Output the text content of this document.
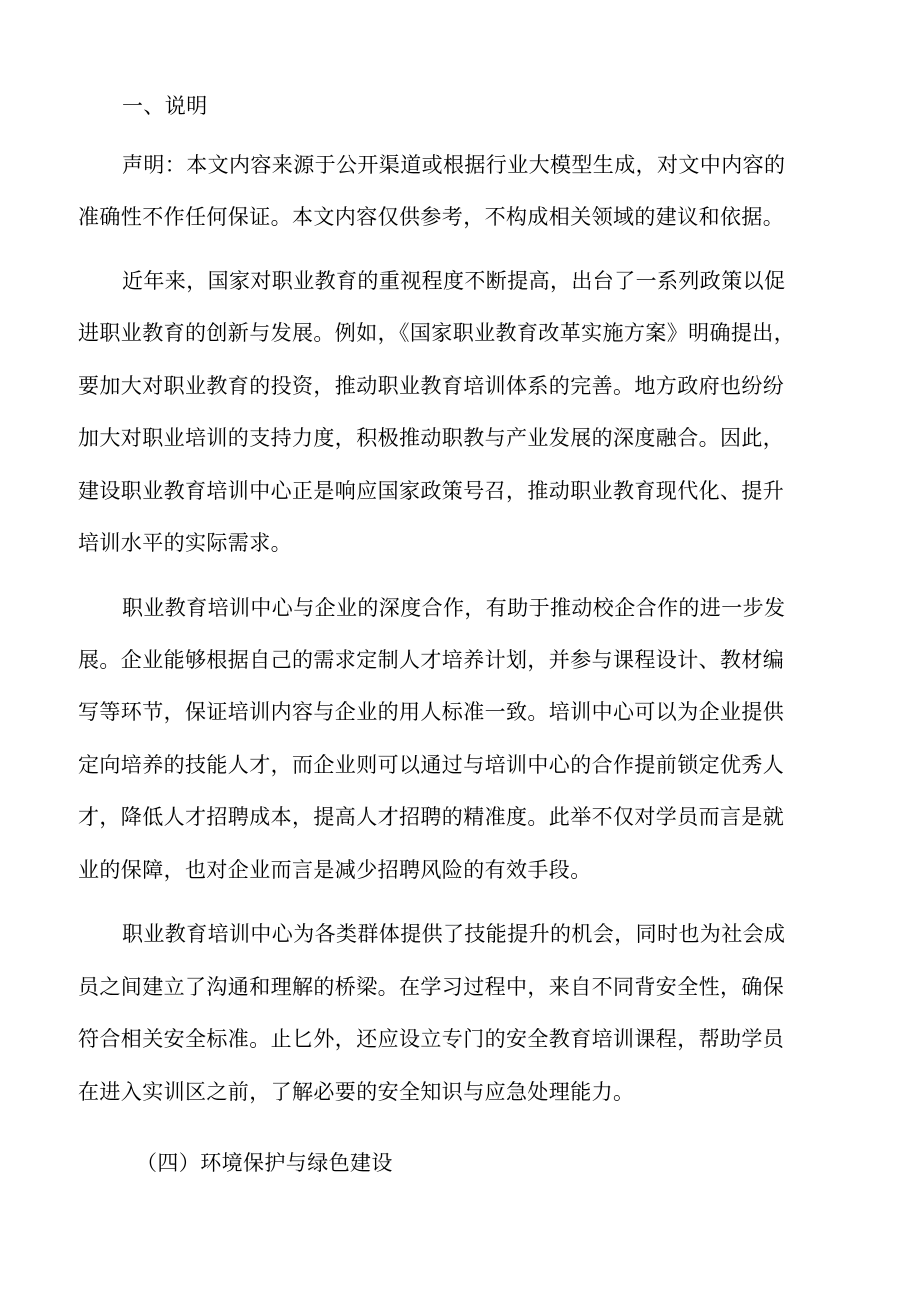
一、说明
声明：本文内容来源于公开渠道或根据行业大模型生成，对文中内容的
准确性不作任何保证。本文内容仅供参考，不构成相关领域的建议和依据。
近年来，国家对职业教育的重视程度不断提高，出台了一系列政策以促
进职业教育的创新与发展。例如，《国家职业教育改革实施方案》明确提出，
要加大对职业教育的投资，推动职业教育培训体系的完善。地方政府也纷纷
加大对职业培训的支持力度，积极推动职教与产业发展的深度融合。因此，
建设职业教育培训中心正是响应国家政策号召，推动职业教育现代化、提升
培训水平的实际需求。
职业教育培训中心与企业的深度合作，有助于推动校企合作的进一步发
展。企业能够根据自己的需求定制人才培养计划，并参与课程设计、教材编
写等环节，保证培训内容与企业的用人标准一致。培训中心可以为企业提供
定向培养的技能人才，而企业则可以通过与培训中心的合作提前锁定优秀人
才，降低人才招聘成本，提高人才招聘的精准度。此举不仅对学员而言是就
业的保障，也对企业而言是减少招聘风险的有效手段。
职业教育培训中心为各类群体提供了技能提升的机会，同时也为社会成
员之间建立了沟通和理解的桥梁。在学习过程中，来自不同背安全性，确保
符合相关安全标准。止匕外，还应设立专门的安全教育培训课程，帮助学员
在进入实训区之前，了解必要的安全知识与应急处理能力。
（四）环境保护与绿色建设
